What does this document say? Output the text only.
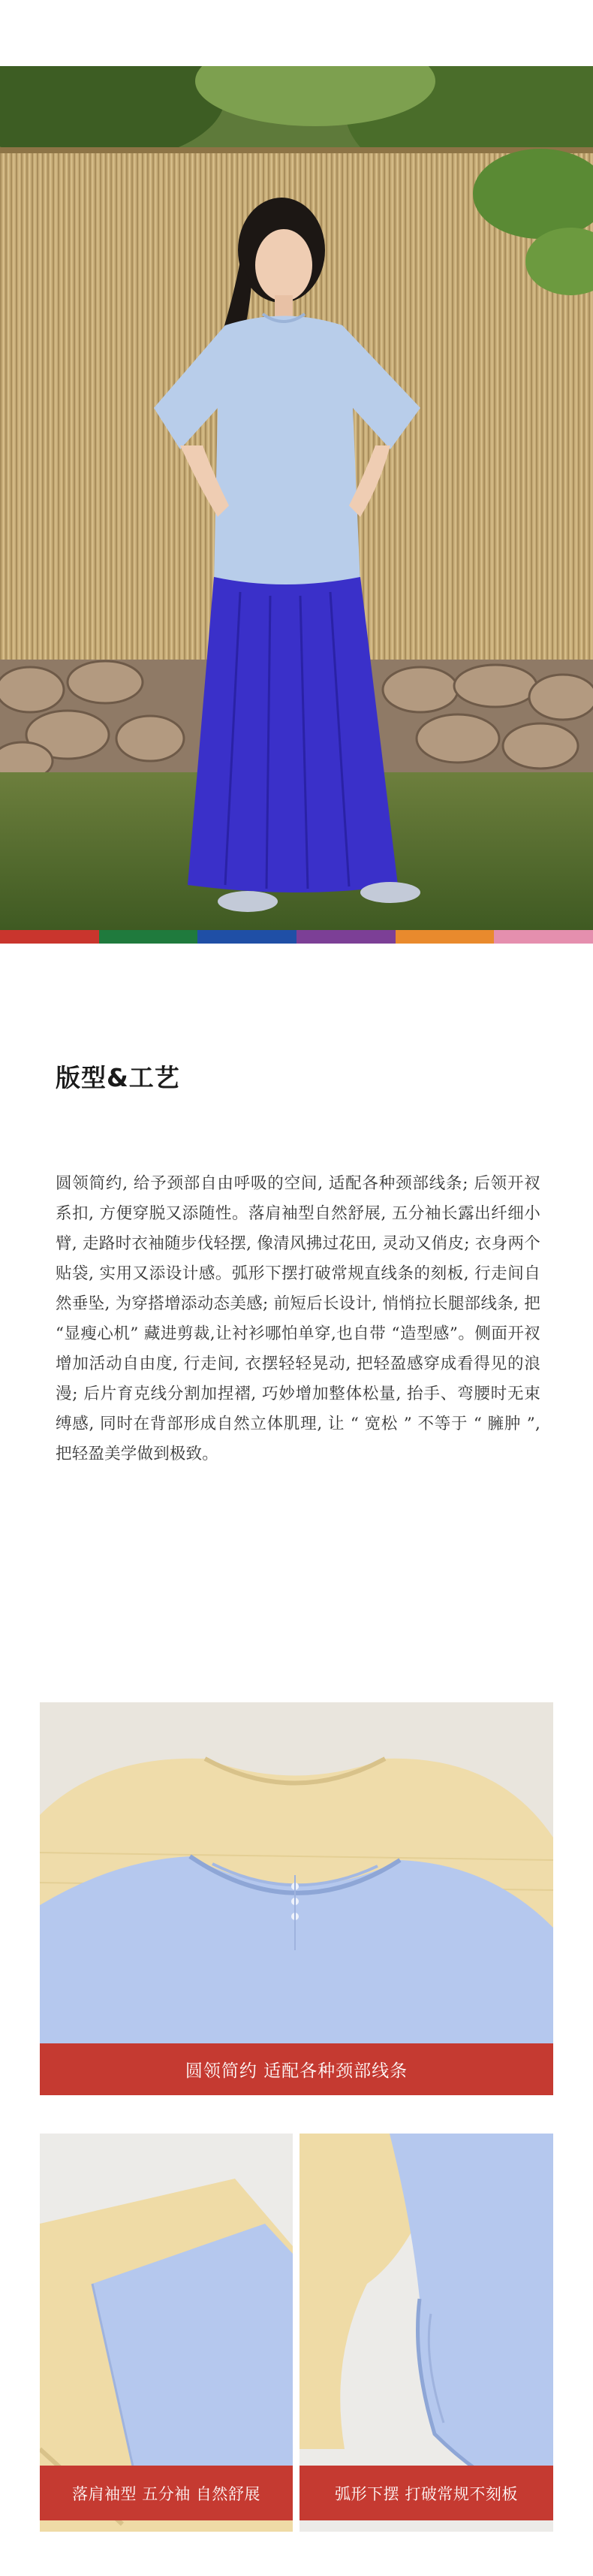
版型&工艺

圆领简约, 给予颈部自由呼吸的空间, 适配各种颈部线条; 后领开衩系扣, 方便穿脱又添随性。落肩袖型自然舒展, 五分袖长露出纤细小臂, 走路时衣袖随步伐轻摆, 像清风拂过花田, 灵动又俏皮; 衣身两个贴袋, 实用又添设计感。弧形下摆打破常规直线条的刻板, 行走间自然垂坠, 为穿搭增添动态美感; 前短后长设计, 悄悄拉长腿部线条, 把 “显瘦心机” 藏进剪裁,让衬衫哪怕单穿,也自带 “造型感”。侧面开衩增加活动自由度, 行走间, 衣摆轻轻晃动, 把轻盈感穿成看得见的浪漫; 后片育克线分割加捏褶, 巧妙增加整体松量, 抬手、弯腰时无束缚感, 同时在背部形成自然立体肌理, 让 “ 宽松 ” 不等于 “ 臃肿 ”,把轻盈美学做到极致。

圆领简约 适配各种颈部线条
落肩袖型 五分袖 自然舒展	弧形下摆 打破常规不刻板
